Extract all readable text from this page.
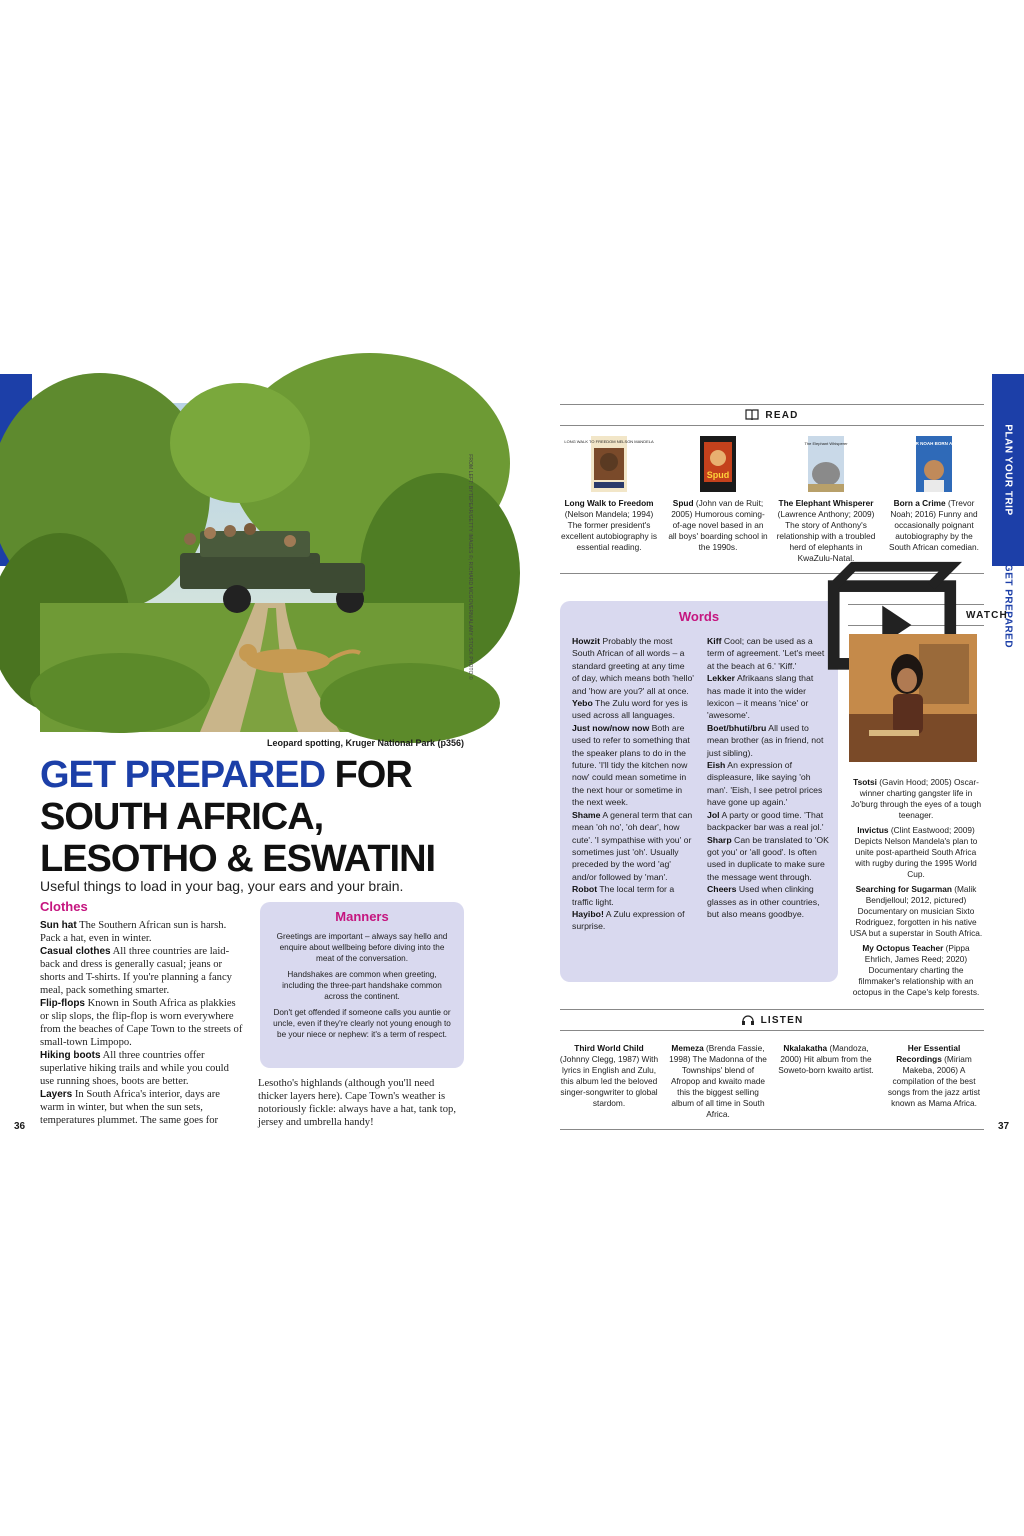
PLAN YOUR TRIP
GET PREPARED
36	37
FROM LEFT: BYTEPEAR/GETTY IMAGES ©; RICHARD MCGOVERN/ALAMY STOCK PHOTO ©
Leopard spotting, Kruger National Park (p356)
GET PREPARED FOR
SOUTH AFRICA,
LESOTHO & ESWATINI
Useful things to load in your bag, your ears and your brain.
Clothes
Sun hat The Southern African sun is harsh. Pack a hat, even in winter.
Casual clothes All three countries are laid-back and dress is generally casual; jeans or shorts and T-shirts. If you're planning a fancy meal, pack something smarter.
Flip-flops Known in South Africa as plakkies or slip slops, the flip-flop is worn everywhere from the beaches of Cape Town to the streets of small-town Limpopo.
Hiking boots All three countries offer superlative hiking trails and while you could use running shoes, boots are better.
Layers In South Africa's interior, days are warm in winter, but when the sun sets, temperatures plummet. The same goes for
Lesotho's highlands (although you'll need thicker layers here). Cape Town's weather is notoriously fickle: always have a hat, tank top, jersey and umbrella handy!
Manners

Greetings are important – always say hello and enquire about wellbeing before diving into the meat of the conversation.

Handshakes are common when greeting, including the three-part handshake common across the continent.

Don't get offended if someone calls you auntie or uncle, even if they're clearly not young enough to be your niece or nephew: it's a term of respect.

READ
LONG WALK TO FREEDOM NELSON MANDELA
Long Walk to Freedom (Nelson Mandela; 1994) The former president's excellent autobiography is essential reading.
Spud
Spud (John van de Ruit; 2005) Humorous coming-of-age novel based in an all boys' boarding school in the 1990s.
The Elephant Whisperer
The Elephant Whisperer (Lawrence Anthony; 2009) The story of Anthony's relationship with a troubled herd of elephants in KwaZulu-Natal.
TREVOR NOAH BORN A CRIME
Born a Crime (Trevor Noah; 2016) Funny and occasionally poignant autobiography by the South African comedian.
Words
Howzit Probably the most South African of all words – a standard greeting at any time of day, which means both 'hello' and 'how are you?' all at once.
Yebo The Zulu word for yes is used across all languages.
Just now/now now Both are used to refer to something that the speaker plans to do in the future. 'I'll tidy the kitchen now now' could mean sometime in the next hour or sometime in the next week.
Shame A general term that can mean 'oh no', 'oh dear', how cute'. 'I sympathise with you' or sometimes just 'oh'. Usually preceded by the word 'ag' and/or followed by 'man'.
Robot The local term for a traffic light.
Hayibo! A Zulu expression of surprise.
Kiff Cool; can be used as a term of agreement. 'Let's meet at the beach at 6.' 'Kiff.'
Lekker Afrikaans slang that has made it into the wider lexicon – it means 'nice' or 'awesome'.
Boet/bhuti/bru All used to mean brother (as in friend, not just sibling).
Eish An expression of displeasure, like saying 'oh man'. 'Eish, I see petrol prices have gone up again.'
Jol A party or good time. 'That backpacker bar was a real jol.'
Sharp Can be translated to 'OK got you' or 'all good'. Is often used in duplicate to make sure the message went through.
Cheers Used when clinking glasses as in other countries, but also means goodbye.
WATCH
Tsotsi (Gavin Hood; 2005) Oscar-winner charting gangster life in Jo'burg through the eyes of a tough teenager.
Invictus (Clint Eastwood; 2009) Depicts Nelson Mandela's plan to unite post-apartheid South Africa with rugby during the 1995 World Cup.
Searching for Sugarman (Malik Bendjelloul; 2012, pictured) Documentary on musician Sixto Rodriguez, forgotten in his native USA but a superstar in South Africa.
My Octopus Teacher (Pippa Ehrlich, James Reed; 2020) Documentary charting the filmmaker's relationship with an octopus in the Cape's kelp forests.
LISTEN
Third World Child (Johnny Clegg, 1987) With lyrics in English and Zulu, this album led the beloved singer-songwriter to global stardom.
Memeza (Brenda Fassie, 1998) The Madonna of the Townships' blend of Afropop and kwaito made this the biggest selling album of all time in South Africa.
Nkalakatha (Mandoza, 2000) Hit album from the Soweto-born kwaito artist.
Her Essential Recordings (Miriam Makeba, 2006) A compilation of the best songs from the jazz artist known as Mama Africa.
